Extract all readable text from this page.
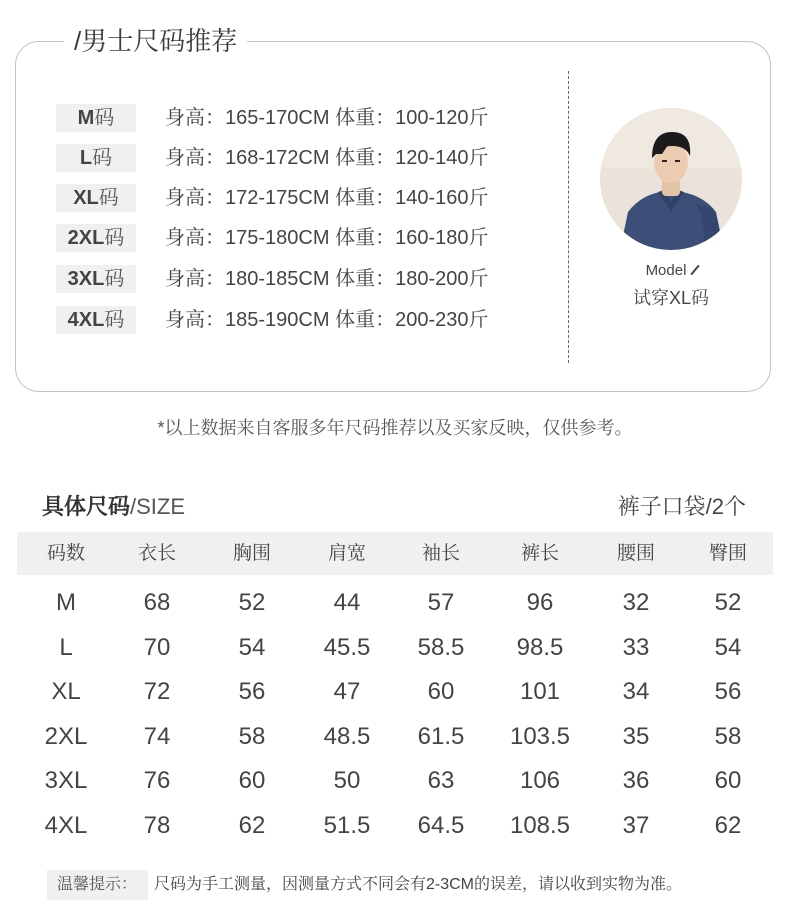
/男士尺码推荐
M码	身高：165-170CM 体重：100-120斤
L码	身高：168-172CM 体重：120-140斤
XL码	身高：172-175CM 体重：140-160斤
2XL码	身高：175-180CM 体重：160-180斤
3XL码	身高：180-185CM 体重：180-200斤
4XL码	身高：185-190CM 体重：200-230斤
Model
试穿XL码
*以上数据来自客服多年尺码推荐以及买家反映，仅供参考。
具体尺码/SIZE	裤子口袋/2个
码数	衣长	胸围	肩宽	袖长	裤长	腰围	臀围
M	68	52	44	57	96	32	52
L	70	54 45.5 58.5 98.5 33	54
XL	72	56	47	60	101	34	56
2XL 74	58 48.5 61.5 103.5 35	58
3XL 76	60	50	63	106	36	60
4XL 78	62 51.5 64.5 108.5 37	62
温馨提示： 尺码为手工测量，因测量方式不同会有2-3CM的误差，请以收到实物为准。
